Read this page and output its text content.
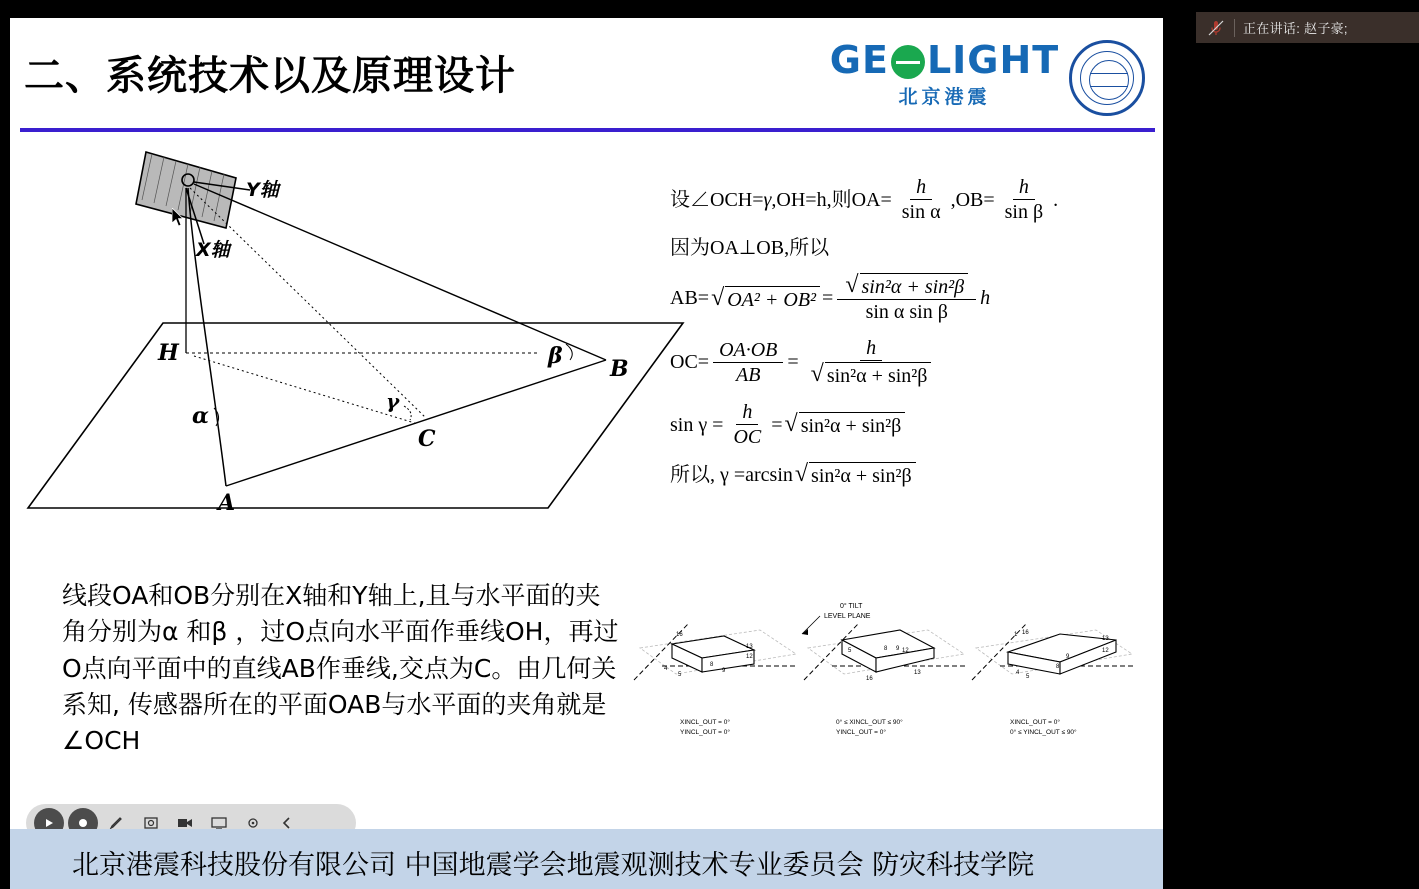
正在讲话: 赵子豪;
二、系统技术以及原理设计	GE LIGHT
北京港震
Y轴
X轴
H
A
B
C
α
β
γ
设∠OCH= γ ,OH=h,则$OA= \frac{h}{\text{sin α}} ,OB= \frac{h}{\text{sin β}}$ .
因为OA⊥OB,所以
AB= √ $OA^2 + OB^2 = \frac{\text{√ sin²α + sin²β}}{\text{sin α sin β}}$ h
$OC= \frac{OA\cdot OB}{AB} = \frac{h}{\text{√ sin²α + sin²β}}$
$\sin \gamma = \frac{h}{OC}$ = √ sin²α + sin²β
所以, γ =arcsin √ sin²α + sin²β
线段OA和OB分别在X轴和Y轴上,且与水平面的夹角分别为α 和β ，过O点向水平面作垂线OH，再过O点向平面中的直线AB作垂线,交点为C。由几何关系知, 传感器所在的平面OAB与水平面的夹角就是∠OCH
0° TILT
LEVEL PLANE
16
13
12
4
5
9
8
XINCL_OUT = 0°
YINCL_OUT = 0°
5	8 9 12
16
13
0° ≤ XINCL_OUT ≤ 90°
YINCL_OUT = 0°
1 16
13
12
9
8
4
5
XINCL_OUT = 0°
0° ≤ YINCL_OUT ≤ 90°
北京港震科技股份有限公司 中国地震学会地震观测技术专业委员会 防灾科技学院
